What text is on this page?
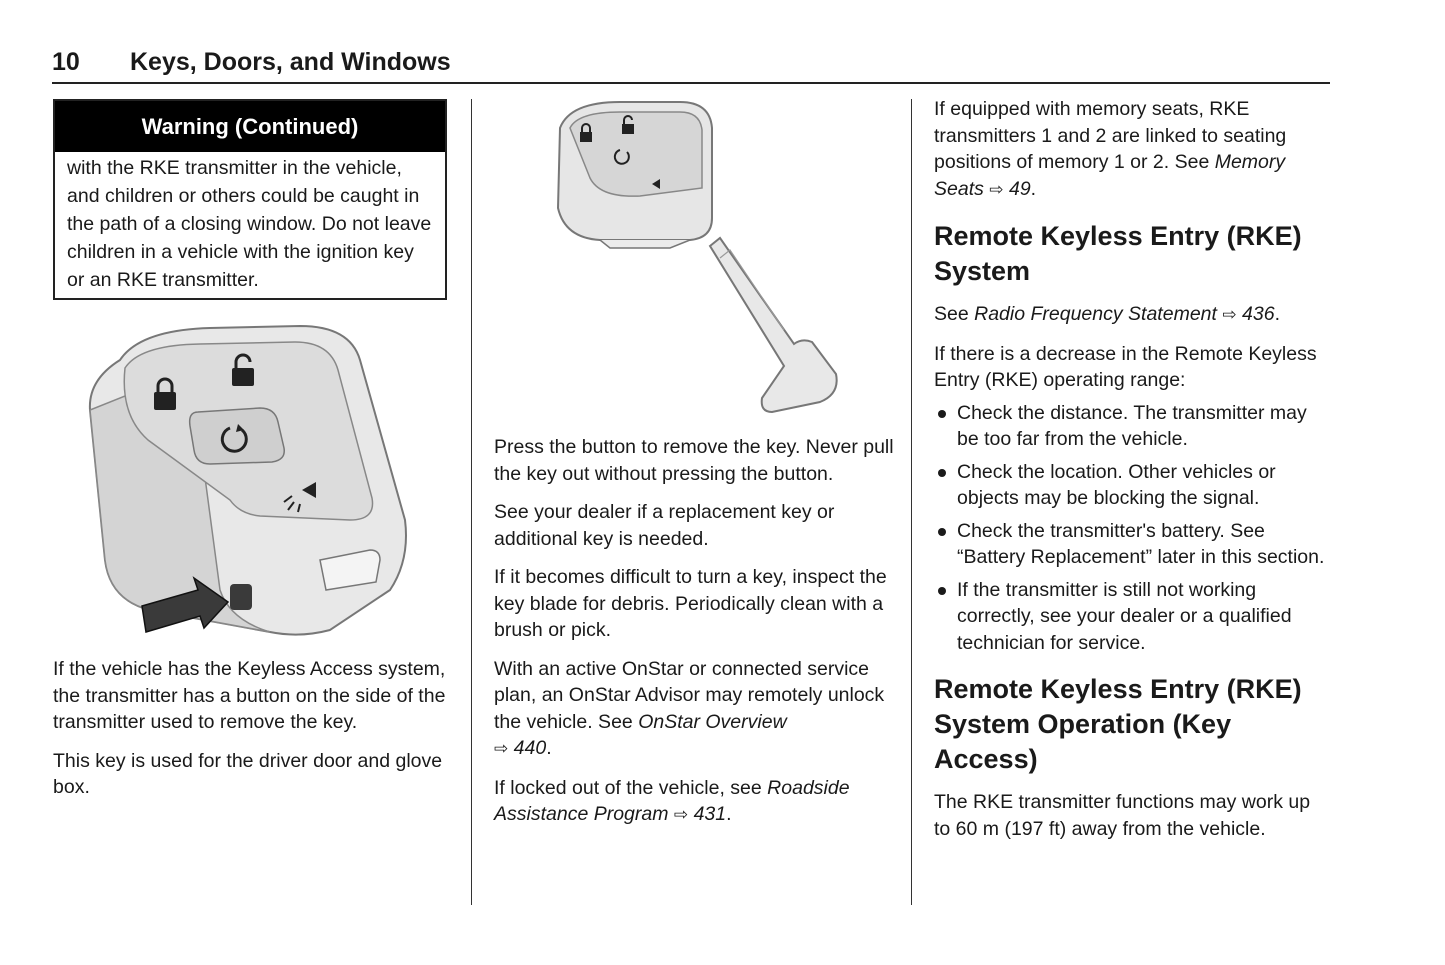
10 Keys, Doors, and Windows
Warning (Continued)
with the RKE transmitter in the vehicle, and children or others could be caught in the path of a closing window. Do not leave children in a vehicle with the ignition key or an RKE transmitter.

If the vehicle has the Keyless Access system, the transmitter has a button on the side of the transmitter used to remove the key.

This key is used for the driver door and glove box.

Press the button to remove the key. Never pull the key out without pressing the button.

See your dealer if a replacement key or additional key is needed.

If it becomes difficult to turn a key, inspect the key blade for debris. Periodically clean with a brush or pick.

With an active OnStar or connected service plan, an OnStar Advisor may remotely unlock the vehicle. See OnStar Overview
⇨ 440.

If locked out of the vehicle, see Roadside Assistance Program ⇨ 431.

If equipped with memory seats, RKE transmitters 1 and 2 are linked to seating positions of memory 1 or 2. See Memory Seats ⇨ 49.

Remote Keyless Entry (RKE) System

See Radio Frequency Statement ⇨ 436.

If there is a decrease in the Remote Keyless Entry (RKE) operating range:

Check the distance. The transmitter may be too far from the vehicle.
Check the location. Other vehicles or objects may be blocking the signal.
Check the transmitter's battery. See “Battery Replacement” later in this section.
If the transmitter is still not working correctly, see your dealer or a qualified technician for service.
Remote Keyless Entry (RKE) System Operation (Key Access)

The RKE transmitter functions may work up to 60 m (197 ft) away from the vehicle.
